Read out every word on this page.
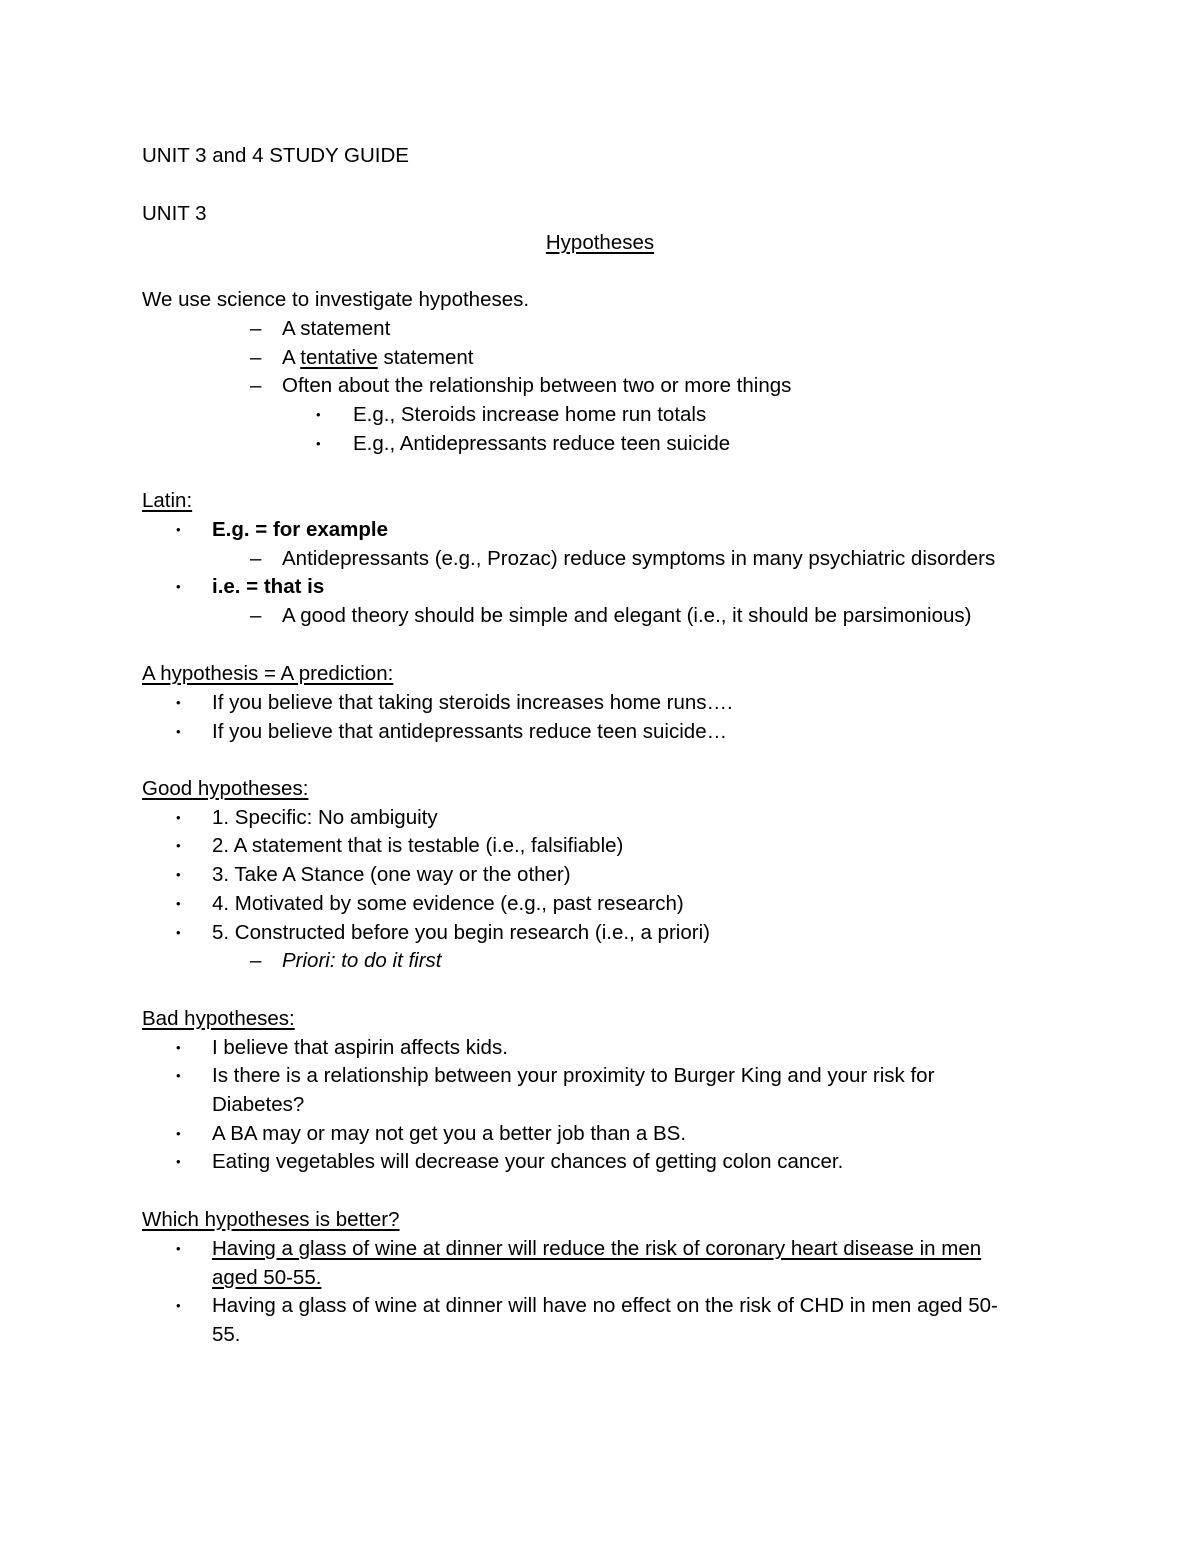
UNIT 3 and 4 STUDY GUIDE
UNIT 3
Hypotheses
We use science to investigate hypotheses.
– A statement
– A tentative statement
– Often about the relationship between two or more things
• E.g., Steroids increase home run totals
• E.g., Antidepressants reduce teen suicide
Latin:
• E.g. = for example
– Antidepressants (e.g., Prozac) reduce symptoms in many psychiatric disorders
• i.e. = that is
– A good theory should be simple and elegant (i.e., it should be parsimonious)
A hypothesis = A prediction:
• If you believe that taking steroids increases home runs….
• If you believe that antidepressants reduce teen suicide…
Good hypotheses:
• 1. Specific: No ambiguity
• 2. A statement that is testable (i.e., falsifiable)
• 3. Take A Stance (one way or the other)
• 4. Motivated by some evidence (e.g., past research)
• 5. Constructed before you begin research (i.e., a priori)
– Priori: to do it first
Bad hypotheses:
• I believe that aspirin affects kids.
• Is there is a relationship between your proximity to Burger King and your risk for
Diabetes?
• A BA may or may not get you a better job than a BS.
• Eating vegetables will decrease your chances of getting colon cancer.
Which hypotheses is better?
• Having a glass of wine at dinner will reduce the risk of coronary heart disease in men
aged 50-55.
• Having a glass of wine at dinner will have no effect on the risk of CHD in men aged 50-
55.
